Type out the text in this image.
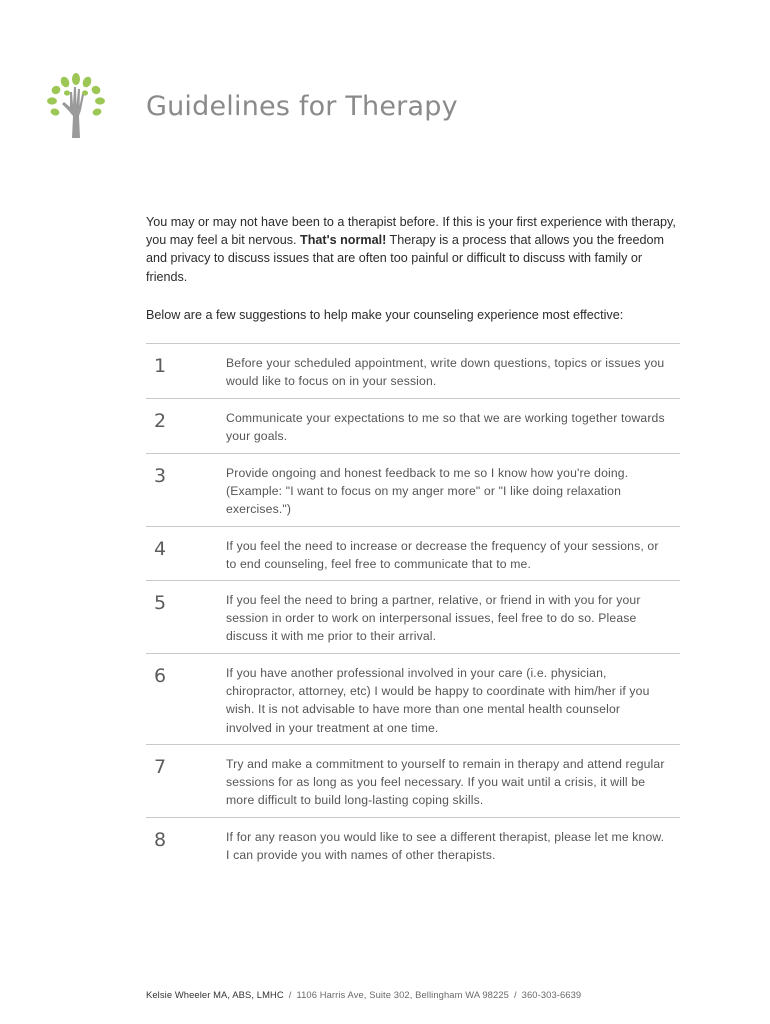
Guidelines for Therapy

You may or may not have been to a therapist before. If this is your first experience with therapy, you may feel a bit nervous. That's normal! Therapy is a process that allows you the freedom and privacy to discuss issues that are often too painful or difficult to discuss with family or friends.

Below are a few suggestions to help make your counseling experience most effective:

1	Before your scheduled appointment, write down questions, topics or issues you would like to focus on in your session.
2	Communicate your expectations to me so that we are working together towards your goals.
3	Provide ongoing and honest feedback to me so I know how you're doing. (Example: "I want to focus on my anger more" or "I like doing relaxation exercises.")
4	If you feel the need to increase or decrease the frequency of your sessions, or to end counseling, feel free to communicate that to me.
5	If you feel the need to bring a partner, relative, or friend in with you for your session in order to work on interpersonal issues, feel free to do so. Please discuss it with me prior to their arrival.
6	If you have another professional involved in your care (i.e. physician, chiropractor, attorney, etc) I would be happy to coordinate with him/her if you wish. It is not advisable to have more than one mental health counselor involved in your treatment at one time.
7	Try and make a commitment to yourself to remain in therapy and attend regular sessions for as long as you feel necessary. If you wait until a crisis, it will be more difficult to build long-lasting coping skills.
8	If for any reason you would like to see a different therapist, please let me know. I can provide you with names of other therapists.
Kelsie Wheeler MA, ABS, LMHC / 1106 Harris Ave, Suite 302, Bellingham WA 98225 / 360-303-6639
